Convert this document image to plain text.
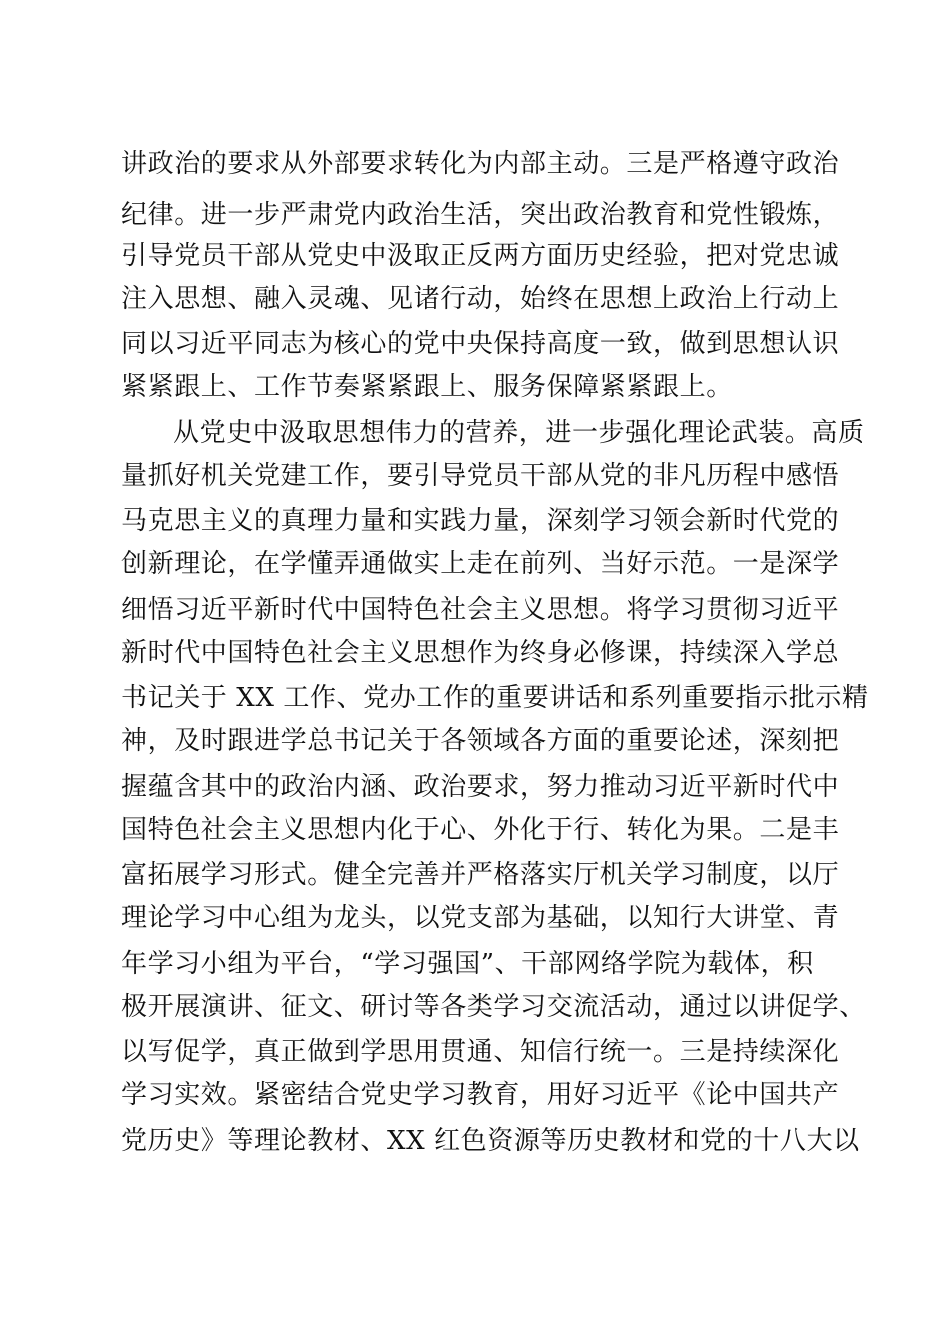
讲政治的要求从外部要求转化为内部主动。三是严格遵守政治
纪律。进一步严肃党内政治生活，突出政治教育和党性锻炼，
引导党员干部从党史中汲取正反两方面历史经验，把对党忠诚
注入思想、融入灵魂、见诸行动，始终在思想上政治上行动上
同以习近平同志为核心的党中央保持高度一致，做到思想认识
紧紧跟上、工作节奏紧紧跟上、服务保障紧紧跟上。
从党史中汲取思想伟力的营养，进一步强化理论武装。高质
量抓好机关党建工作，要引导党员干部从党的非凡历程中感悟
马克思主义的真理力量和实践力量，深刻学习领会新时代党的
创新理论，在学懂弄通做实上走在前列、当好示范。一是深学
细悟习近平新时代中国特色社会主义思想。将学习贯彻习近平
新时代中国特色社会主义思想作为终身必修课，持续深入学总
书记关于 XX 工作、党办工作的重要讲话和系列重要指示批示精
神，及时跟进学总书记关于各领域各方面的重要论述，深刻把
握蕴含其中的政治内涵、政治要求，努力推动习近平新时代中
国特色社会主义思想内化于心、外化于行、转化为果。二是丰
富拓展学习形式。健全完善并严格落实厅机关学习制度，以厅
理论学习中心组为龙头，以党支部为基础，以知行大讲堂、青
年学习小组为平台，“学习强国”、干部网络学院为载体，积
极开展演讲、征文、研讨等各类学习交流活动，通过以讲促学、
以写促学，真正做到学思用贯通、知信行统一。三是持续深化
学习实效。紧密结合党史学习教育，用好习近平《论中国共产
党历史》等理论教材、XX 红色资源等历史教材和党的十八大以
